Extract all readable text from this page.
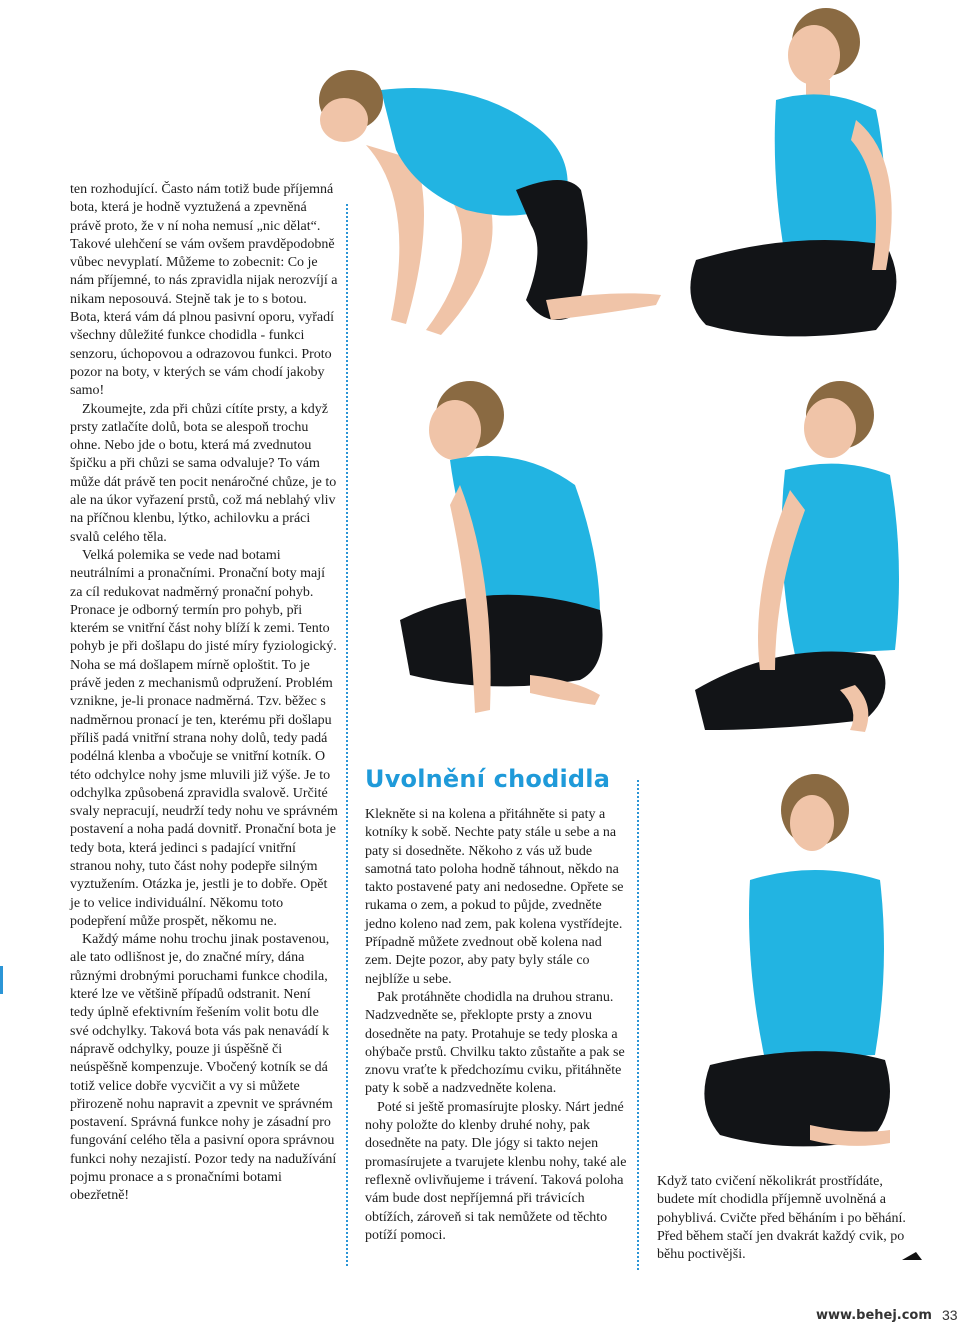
ten rozhodující. Často nám totiž bude příjemná bota, která je hodně vyztužená a zpevněná právě proto, že v ní noha nemusí „nic dělat“. Takové ulehčení se vám ovšem pravděpodobně vůbec nevyplatí. Můžeme to zobecnit: Co je nám příjemné, to nás zpravidla nijak nerozvíjí a nikam neposouvá. Stejně tak je to s botou. Bota, která vám dá plnou pasivní oporu, vyřadí všechny důležité funkce chodidla - funkci senzoru, úchopovou a odrazovou funkci. Proto pozor na boty, v kterých se vám chodí jakoby samo!

Zkoumejte, zda při chůzi cítíte prsty, a když prsty zatlačíte dolů, bota se alespoň trochu ohne. Nebo jde o botu, která má zvednutou špičku a při chůzi se sama odvaluje? To vám může dát právě ten pocit nenáročné chůze, je to ale na úkor vyřazení prstů, což má neblahý vliv na příčnou klenbu, lýtko, achilovku a práci svalů celého těla.

Velká polemika se vede nad botami neutrálními a pronačními. Pronační boty mají za cíl redukovat nadměrný pronační pohyb. Pronace je odborný termín pro pohyb, při kterém se vnitřní část nohy blíží k zemi. Tento pohyb je při došlapu do jisté míry fyziologický. Noha se má došlapem mírně oploštit. To je právě jeden z mechanismů odpružení. Problém vznikne, je-li pronace nadměrná. Tzv. běžec s nadměrnou pronací je ten, kterému při došlapu příliš padá vnitřní strana nohy dolů, tedy padá podélná klenba a vbočuje se vnitřní kotník. O této odchylce nohy jsme mluvili již výše. Je to odchylka způsobená zpravidla svalově. Určité svaly nepracují, neudrží tedy nohu ve správném postavení a noha padá dovnitř. Pronační bota je tedy bota, která jedinci s padající vnitřní stranou nohy, tuto část nohy podepře silným vyztužením. Otázka je, jestli je to dobře. Opět je to velice individuální. Někomu toto podepření může prospět, někomu ne.

Každý máme nohu trochu jinak postavenou, ale tato odlišnost je, do značné míry, dána různými drobnými poruchami funkce chodila, které lze ve většině případů odstranit. Není tedy úplně efektivním řešením volit botu dle své odchylky. Taková bota vás pak nenavádí k nápravě odchylky, pouze ji úspěšně či neúspěšně kompenzuje. Vbočený kotník se dá totiž velice dobře vycvičit a vy si můžete přirozeně nohu napravit a zpevnit ve správném postavení. Správná funkce nohy je zásadní pro fungování celého těla a pasivní opora správnou funkci nohy nezajistí. Pozor tedy na nadužívání pojmu pronace a s pronačními botami obezřetně!

Uvolnění chodidla

Klekněte si na kolena a přitáhněte si paty a kotníky k sobě. Nechte paty stále u sebe a na paty si dosedněte. Někoho z vás už bude samotná tato poloha hodně táhnout, někdo na takto postavené paty ani nedosedne. Opřete se rukama o zem, a pokud to půjde, zvedněte jedno koleno nad zem, pak kolena vystřídejte. Případně můžete zvednout obě kolena nad zem. Dejte pozor, aby paty byly stále co nejblíže u sebe.

Pak protáhněte chodidla na druhou stranu. Nadzvedněte se, překlopte prsty a znovu dosedněte na paty. Protahuje se tedy ploska a ohýbače prstů. Chvilku takto zůstaňte a pak se znovu vraťte k předchozímu cviku, přitáhněte paty k sobě a nadzvedněte kolena.

Poté si ještě promasírujte plosky. Nárt jedné nohy položte do klenby druhé nohy, pak dosedněte na paty. Dle jógy si takto nejen promasírujete a tvarujete klenbu nohy, také ale reflexně ovlivňujeme i trávení. Taková poloha vám bude dost nepříjemná při trávicích obtížích, zároveň si tak nemůžete od těchto potíží pomoci.

Když tato cvičení několikrát prostřídáte, budete mít chodidla příjemně uvolněná a pohyblivá. Cvičte před běháním i po běhání. Před během stačí jen dvakrát každý cvik, po běhu poctivějši.

www.behej.com 33
